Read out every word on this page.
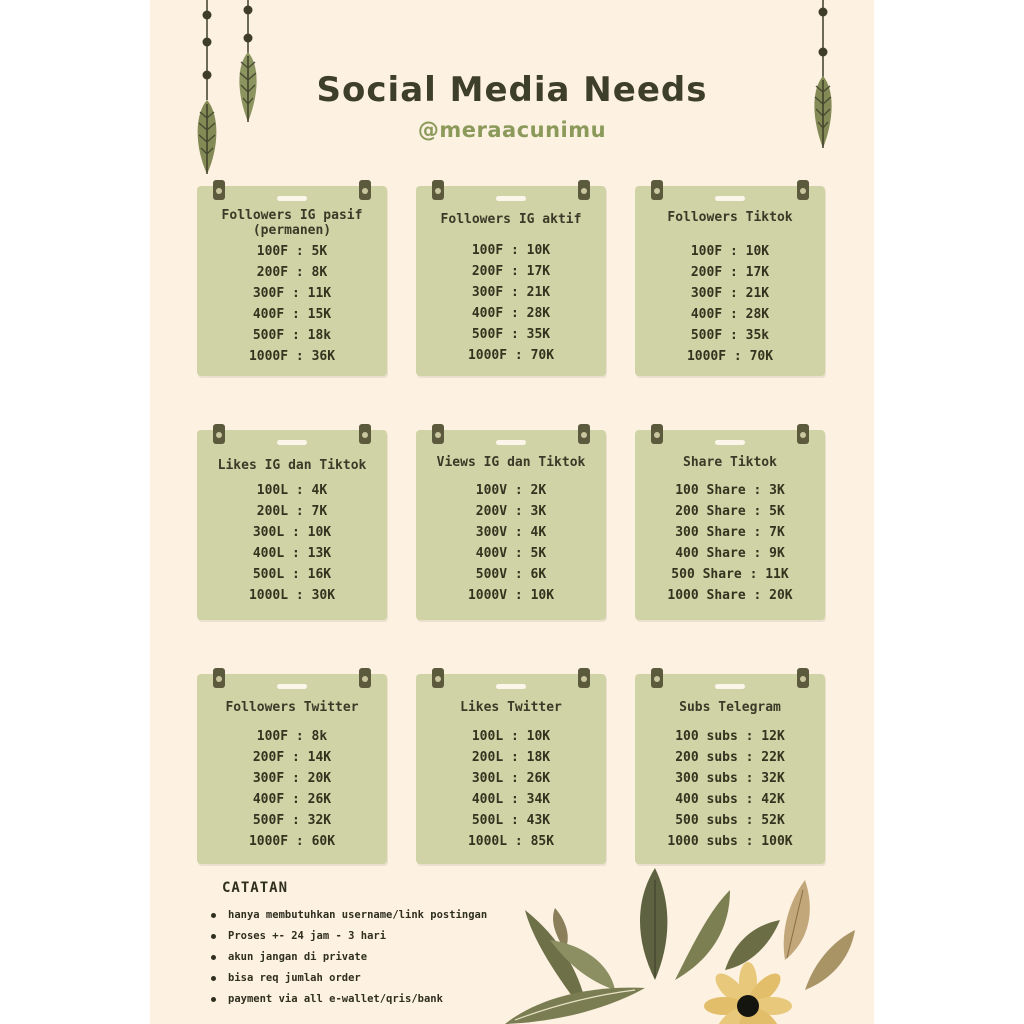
Social Media Needs
@meraacunimu
Followers IG pasif
(permanen)
100F : 5K
200F : 8K
300F : 11K
400F : 15K
500F : 18k
1000F : 36K
Followers IG aktif
100F : 10K
200F : 17K
300F : 21K
400F : 28K
500F : 35K
1000F : 70K
Followers Tiktok
100F : 10K
200F : 17K
300F : 21K
400F : 28K
500F : 35k
1000F : 70K
Likes IG dan Tiktok
100L : 4K
200L : 7K
300L : 10K
400L : 13K
500L : 16K
1000L : 30K
Views IG dan Tiktok
100V : 2K
200V : 3K
300V : 4K
400V : 5K
500V : 6K
1000V : 10K
Share Tiktok
100 Share : 3K
200 Share : 5K
300 Share : 7K
400 Share : 9K
500 Share : 11K
1000 Share : 20K
Followers Twitter
100F : 8k
200F : 14K
300F : 20K
400F : 26K
500F : 32K
1000F : 60K
Likes Twitter
100L : 10K
200L : 18K
300L : 26K
400L : 34K
500L : 43K
1000L : 85K
Subs Telegram
100 subs : 12K
200 subs : 22K
300 subs : 32K
400 subs : 42K
500 subs : 52K
1000 subs : 100K
CATATAN
hanya membutuhkan username/link postingan
Proses +- 24 jam - 3 hari
akun jangan di private
bisa req jumlah order
payment via all e-wallet/qris/bank
